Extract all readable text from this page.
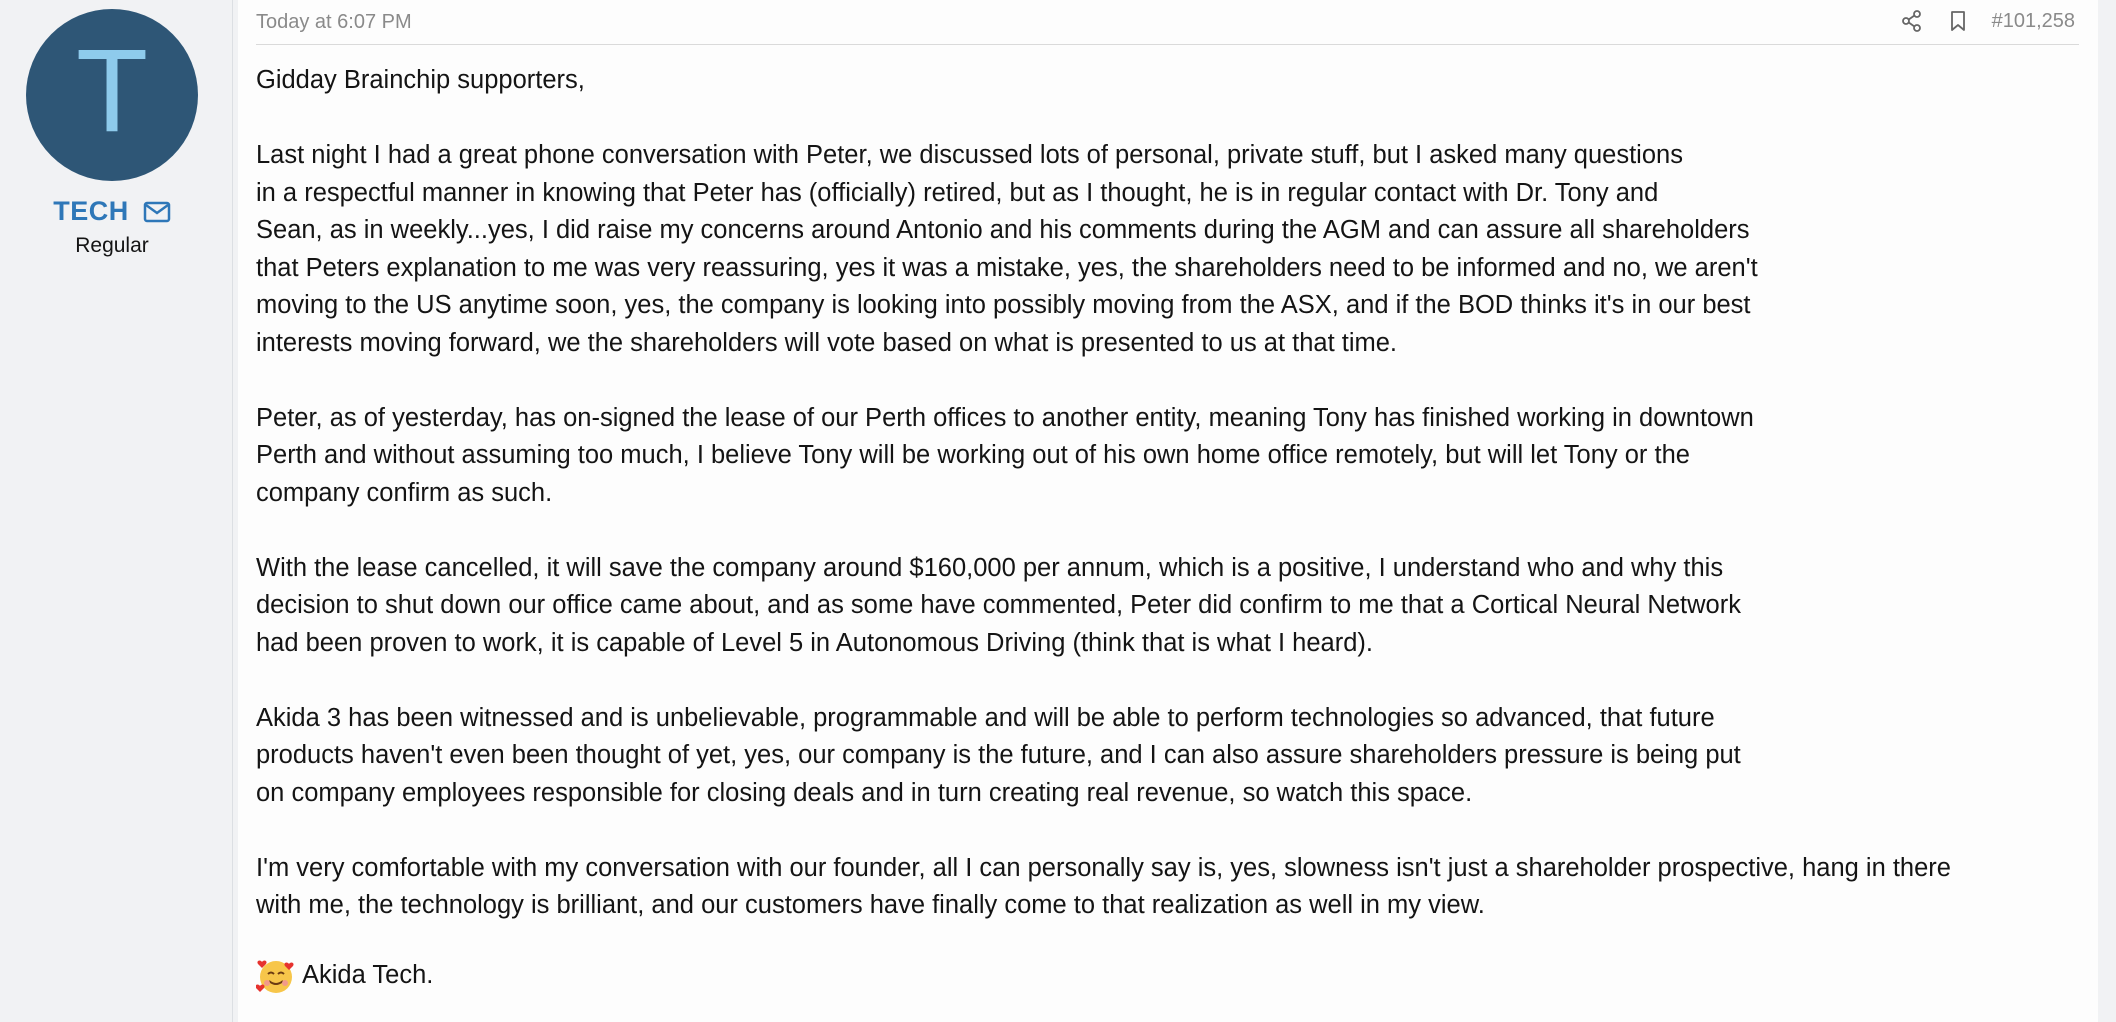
T
TECH
Regular
Today at 6:07 PM	#101,258

Gidday Brainchip supporters,

Last night I had a great phone conversation with Peter, we discussed lots of personal, private stuff, but I asked many questions
in a respectful manner in knowing that Peter has (officially) retired, but as I thought, he is in regular contact with Dr. Tony and
Sean, as in weekly...yes, I did raise my concerns around Antonio and his comments during the AGM and can assure all shareholders
that Peters explanation to me was very reassuring, yes it was a mistake, yes, the shareholders need to be informed and no, we aren't
moving to the US anytime soon, yes, the company is looking into possibly moving from the ASX, and if the BOD thinks it's in our best
interests moving forward, we the shareholders will vote based on what is presented to us at that time.

Peter, as of yesterday, has on-signed the lease of our Perth offices to another entity, meaning Tony has finished working in downtown
Perth and without assuming too much, I believe Tony will be working out of his own home office remotely, but will let Tony or the
company confirm as such.

With the lease cancelled, it will save the company around $160,000 per annum, which is a positive, I understand who and why this
decision to shut down our office came about, and as some have commented, Peter did confirm to me that a Cortical Neural Network
had been proven to work, it is capable of Level 5 in Autonomous Driving (think that is what I heard).

Akida 3 has been witnessed and is unbelievable, programmable and will be able to perform technologies so advanced, that future
products haven't even been thought of yet, yes, our company is the future, and I can also assure shareholders pressure is being put
on company employees responsible for closing deals and in turn creating real revenue, so watch this space.

I'm very comfortable with my conversation with our founder, all I can personally say is, yes, slowness isn't just a shareholder prospective, hang in there
with me, the technology is brilliant, and our customers have finally come to that realization as well in my view.

Akida Tech.
